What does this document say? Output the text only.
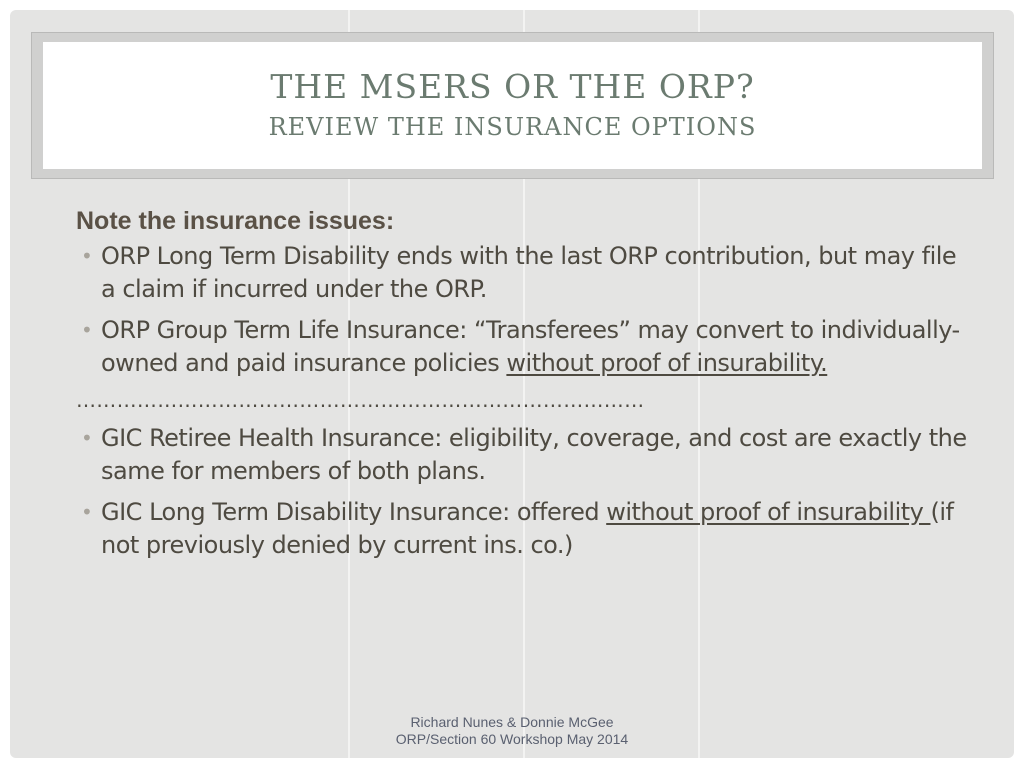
THE MSERS OR THE ORP?
REVIEW THE INSURANCE OPTIONS
Note the insurance issues:
• ORP Long Term Disability ends with the last ORP contribution, but may file a claim if incurred under the ORP.
• ORP Group Term Life Insurance: “Transferees” may convert to individually-owned and paid insurance policies without proof of insurability.
…………………………………………………………………………
• GIC Retiree Health Insurance: eligibility, coverage, and cost are exactly the same for members of both plans.
• GIC Long Term Disability Insurance: offered without proof of insurability (if not previously denied by current ins. co.)
Richard Nunes & Donnie McGee
ORP/Section 60 Workshop May 2014
